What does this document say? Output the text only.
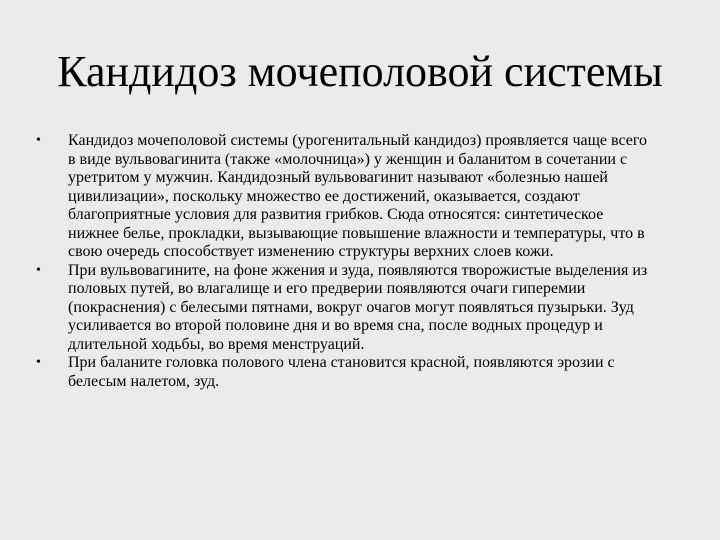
Кандидоз мочеполовой системы
•	Кандидоз мочеполовой системы (урогенитальный кандидоз) проявляется чаще всего в виде вульвовагинита (также «молочница») у женщин и баланитом в сочетании с уретритом у мужчин. Кандидозный вульвовагинит называют «болезнью нашей цивилизации», поскольку множество ее достижений, оказывается, создают благоприятные условия для развития грибков. Сюда относятся: синтетическое нижнее белье, прокладки, вызывающие повышение влажности и температуры, что в свою очередь способствует изменению структуры верхних слоев кожи.
•	При вульвовагините, на фоне жжения и зуда, появляются творожистые выделения из половых путей, во влагалище и его предверии появляются очаги гиперемии (покраснения) с белесыми пятнами, вокруг очагов могут появляться пузырьки. Зуд усиливается во второй половине дня и во время сна, после водных процедур и длительной ходьбы, во время менструаций.
•	При баланите головка полового члена становится красной, появляются эрозии с белесым налетом, зуд.
